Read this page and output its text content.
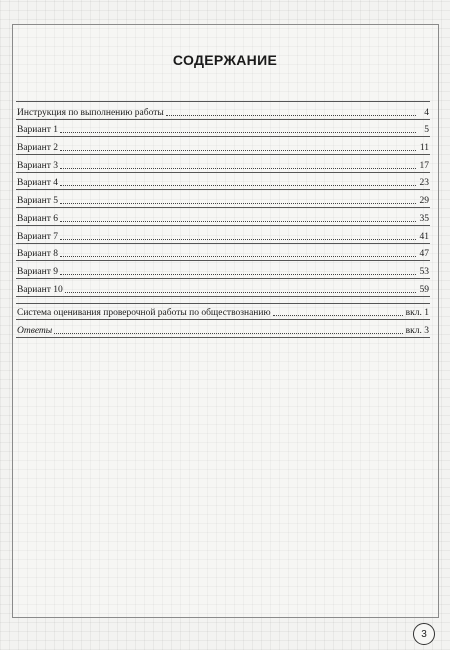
СОДЕРЖАНИЕ
Инструкция по выполнению работы	4
Вариант 1	5
Вариант 2	11
Вариант 3	17
Вариант 4	23
Вариант 5	29
Вариант 6	35
Вариант 7	41
Вариант 8	47
Вариант 9	53
Вариант 10	59
Система оценивания проверочной работы по обществознанию	вкл. 1
Ответы	вкл. 3
3
